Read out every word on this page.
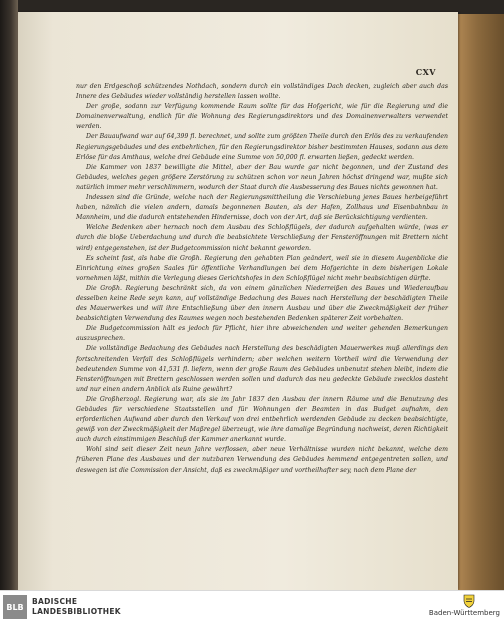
CXV

nur den Erdgeschoß schützendes Nothdach, sondern durch ein vollständiges Dach decken, zugleich aber auch das Innere des Gebäudes wieder vollständig herstellen lassen wollte.

Der große, sodann zur Verfügung kommende Raum sollte für das Hofgericht, wie für die Regierung und die Domainenverwaltung, endlich für die Wohnung des Regierungsdirektors und des Domainenverwalters verwendet werden.

Der Bauaufwand war auf 64,399 fl. berechnet, und sollte zum größten Theile durch den Erlös des zu verkaufenden Regierungsgebäudes und des entbehrlichen, für den Regierungsdirektor bisher bestimmten Hauses, sodann aus dem Erlöse für das Amthaus, welche drei Gebäude eine Summe von 50,000 fl. erwarten ließen, gedeckt werden.

Die Kammer von 1837 bewilligte die Mittel, aber der Bau wurde gar nicht begonnen, und der Zustand des Gebäudes, welches gegen größere Zerstörung zu schützen schon vor neun Jahren höchst dringend war, mußte sich natürlich immer mehr verschlimmern, wodurch der Staat durch die Ausbesserung des Baues nichts gewonnen hat.

Indessen sind die Gründe, welche nach der Regierungsmittheilung die Verschiebung jenes Baues herbeigeführt haben, nämlich die vielen andern, damals begonnenen Bauten, als der Hafen, Zollhaus und Eisenbahnbau in Mannheim, und die dadurch entstehenden Hindernisse, doch von der Art, daß sie Berücksichtigung verdienten.

Welche Bedenken aber hernach noch dem Ausbau des Schloßflügels, der dadurch aufgehalten würde, (was er durch die bloße Ueberdachung und durch die beabsichtete Verschließung der Fensteröffnungen mit Brettern nicht wird) entgegenstehen, ist der Budgetcommission nicht bekannt geworden.

Es scheint fast, als habe die Großh. Regierung den gehabten Plan geändert, weil sie in diesem Augenblicke die Einrichtung eines großen Saales für öffentliche Verhandlungen bei dem Hofgerichte in dem bisherigen Lokale vornehmen läßt, mithin die Verlegung dieses Gerichtshofes in den Schloßflügel nicht mehr beabsichtigen dürfte.

Die Großh. Regierung beschränkt sich, da von einem gänzlichen Niederreißen des Baues und Wiederaufbau desselben keine Rede seyn kann, auf vollständige Bedachung des Baues nach Herstellung der beschädigten Theile des Mauerwerkes und will ihre Entschließung über den innern Ausbau und über die Zweckmäßigkeit der früher beabsichtigten Verwendung des Raumes wegen noch bestehenden Bedenken späterer Zeit vorbehalten.

Die Budgetcommission hält es jedoch für Pflicht, hier ihre abweichenden und weiter gehenden Bemerkungen auszusprechen.

Die vollständige Bedachung des Gebäudes nach Herstellung des beschädigten Mauerwerkes muß allerdings den fortschreitenden Verfall des Schloßflügels verhindern; aber welchen weitern Vortheil wird die Verwendung der bedeutenden Summe von 41,531 fl. liefern, wenn der große Raum des Gebäudes unbenutzt stehen bleibt, indem die Fensteröffnungen mit Brettern geschlossen werden sollen und dadurch das neu gedeckte Gebäude zwecklos dasteht und nur einen andern Anblick als Ruine gewährt?

Die Großherzogl. Regierung war, als sie im Jahr 1837 den Ausbau der innern Räume und die Benutzung des Gebäudes für verschiedene Staatsstellen und für Wohnungen der Beamten in das Budget aufnahm, den erforderlichen Aufwand aber durch den Verkauf von drei entbehrlich werdenden Gebäude zu decken beabsichtigte, gewiß von der Zweckmäßigkeit der Maßregel überzeugt, wie ihre damalige Begründung nachweist, deren Richtigkeit auch durch einstimmigen Beschluß der Kammer anerkannt wurde.

Wohl sind seit dieser Zeit neun Jahre verflossen, aber neue Verhältnisse wurden nicht bekannt, welche dem früheren Plane des Ausbaues und der nutzbaren Verwendung des Gebäudes hemmend entgegentreten sollen, und deswegen ist die Commission der Ansicht, daß es zweckmäßiger und vortheilhafter sey, nach dem Plane der

BLB
BADISCHE
LANDESBIBLIOTHEK	Baden-Württemberg
